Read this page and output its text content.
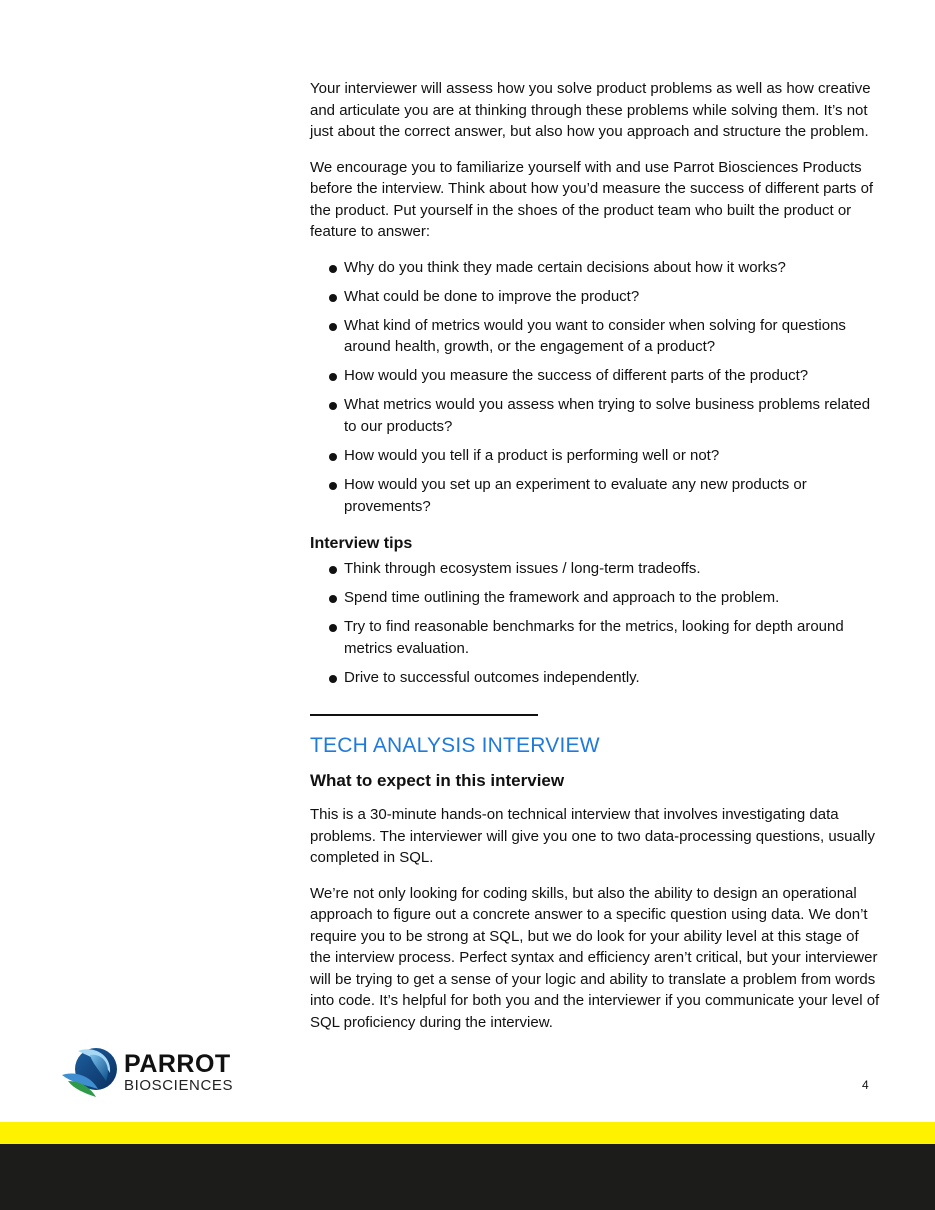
Your interviewer will assess how you solve product problems as well as how creative and articulate you are at thinking through these problems while solving them. It’s not just about the correct answer, but also how you approach and structure the problem.

We encourage you to familiarize yourself with and use Parrot Biosciences Products before the interview. Think about how you’d measure the success of different parts of the product. Put yourself in the shoes of the product team who built the product or feature to answer:

Why do you think they made certain decisions about how it works?
What could be done to improve the product?
What kind of metrics would you want to consider when solving for questions around health, growth, or the engagement of a product?
How would you measure the success of different parts of the product?
What metrics would you assess when trying to solve business problems related to our products?
How would you tell if a product is performing well or not?
How would you set up an experiment to evaluate any new products or provements?
Interview tips
Think through ecosystem issues / long-term tradeoffs.
Spend time outlining the framework and approach to the problem.
Try to find reasonable benchmarks for the metrics, looking for depth around metrics evaluation.
Drive to successful outcomes independently.
TECH ANALYSIS INTERVIEW
What to expect in this interview

This is a 30-minute hands-on technical interview that involves investigating data problems. The interviewer will give you one to two data-processing questions, usually completed in SQL.

We’re not only looking for coding skills, but also the ability to design an operational approach to figure out a concrete answer to a specific question using data. We don’t require you to be strong at SQL, but we do look for your ability level at this stage of the interview process. Perfect syntax and efficiency aren’t critical, but your interviewer will be trying to get a sense of your logic and ability to translate a problem from words into code. It’s helpful for both you and the interviewer if you communicate your level of SQL proficiency during the interview.

PARROT
BIOSCIENCES	4
